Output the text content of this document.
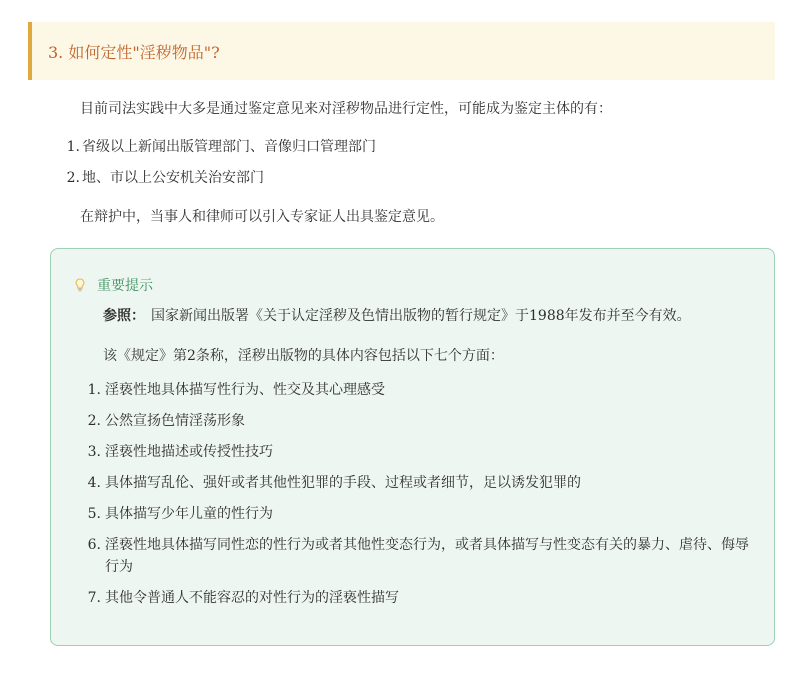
3. 如何定性"淫秽物品"?
目前司法实践中大多是通过鉴定意见来对淫秽物品进行定性，可能成为鉴定主体的有：
1. 省级以上新闻出版管理部门、音像归口管理部门
2. 地、市以上公安机关治安部门
在辩护中，当事人和律师可以引入专家证人出具鉴定意见。
重要提示
参照： 国家新闻出版署《关于认定淫秽及色情出版物的暂行规定》于1988年发布并至今有效。
该《规定》第2条称，淫秽出版物的具体内容包括以下七个方面：
1. 淫亵性地具体描写性行为、性交及其心理感受
2. 公然宣扬色情淫荡形象
3. 淫亵性地描述或传授性技巧
4. 具体描写乱伦、强奸或者其他性犯罪的手段、过程或者细节，足以诱发犯罪的
5. 具体描写少年儿童的性行为
6. 淫亵性地具体描写同性恋的性行为或者其他性变态行为，或者具体描写与性变态有关的暴力、虐待、侮辱行为
7. 其他令普通人不能容忍的对性行为的淫亵性描写
